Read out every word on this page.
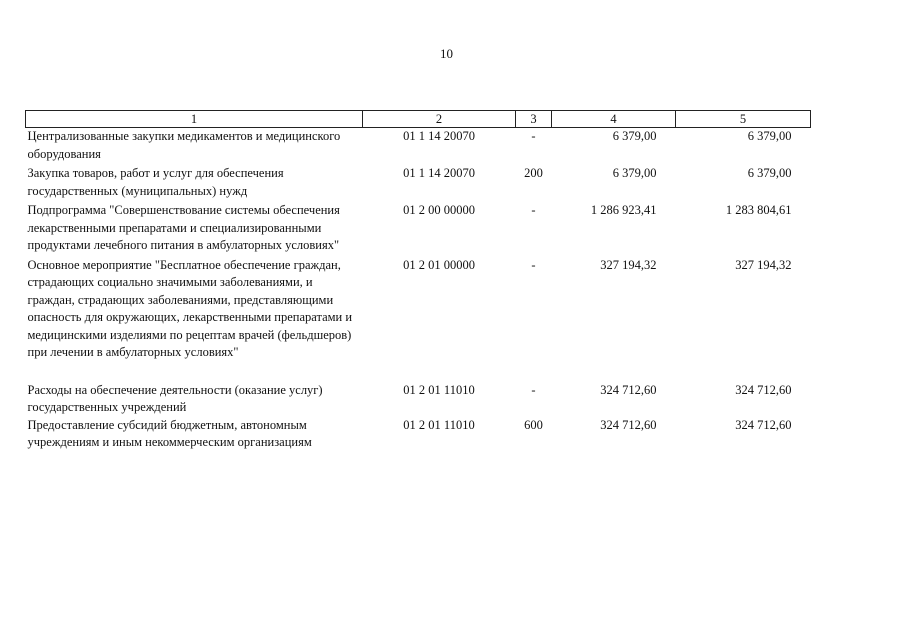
10
1	2	3	4	5
Централизованные закупки медикаментов и медицинского оборудования	01 1 14 20070	-	6 379,00	6 379,00
Закупка товаров, работ и услуг для обеспечения государственных (муниципальных) нужд	01 1 14 20070	200	6 379,00	6 379,00
Подпрограмма "Совершенствование системы обеспечения лекарственными препаратами и специализированными продуктами лечебного питания в амбулаторных условиях"	01 2 00 00000	-	1 286 923,41	1 283 804,61
Основное мероприятие "Бесплатное обеспечение граждан, страдающих социально значимыми заболеваниями, и граждан, страдающих заболеваниями, представляющими опасность для окружающих, лекарственными препаратами и медицинскими изделиями по рецептам врачей (фельдшеров) при лечении в амбулаторных условиях"	01 2 01 00000	-	327 194,32	327 194,32
Расходы на обеспечение деятельности (оказание услуг) государственных учреждений	01 2 01 11010	-	324 712,60	324 712,60
Предоставление субсидий бюджетным, автономным учреждениям и иным некоммерческим организациям	01 2 01 11010	600	324 712,60	324 712,60
